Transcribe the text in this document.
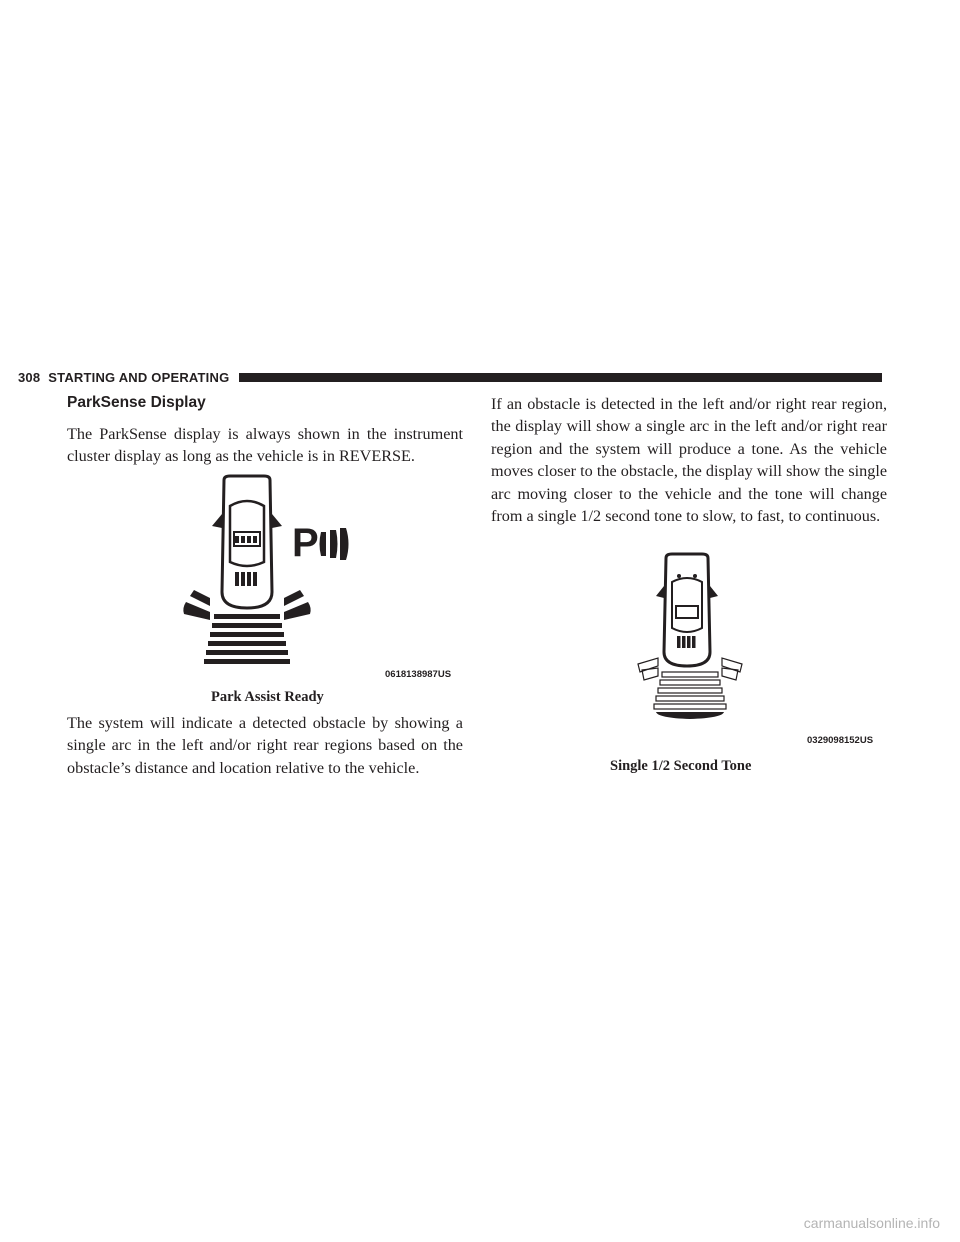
308 STARTING AND OPERATING
ParkSense Display

The ParkSense display is always shown in the instrument cluster display as long as the vehicle is in REVERSE.

P
0618138987US
Park Assist Ready

The system will indicate a detected obstacle by showing a single arc in the left and/or right rear regions based on the obstacle’s distance and location relative to the vehicle.

If an obstacle is detected in the left and/or right rear region, the display will show a single arc in the left and/or right rear region and the system will produce a tone. As the vehicle moves closer to the obstacle, the display will show the single arc moving closer to the vehicle and the tone will change from a single 1/2 second tone to slow, to fast, to continuous.

0329098152US
Single 1/2 Second Tone
carmanualsonline.info
